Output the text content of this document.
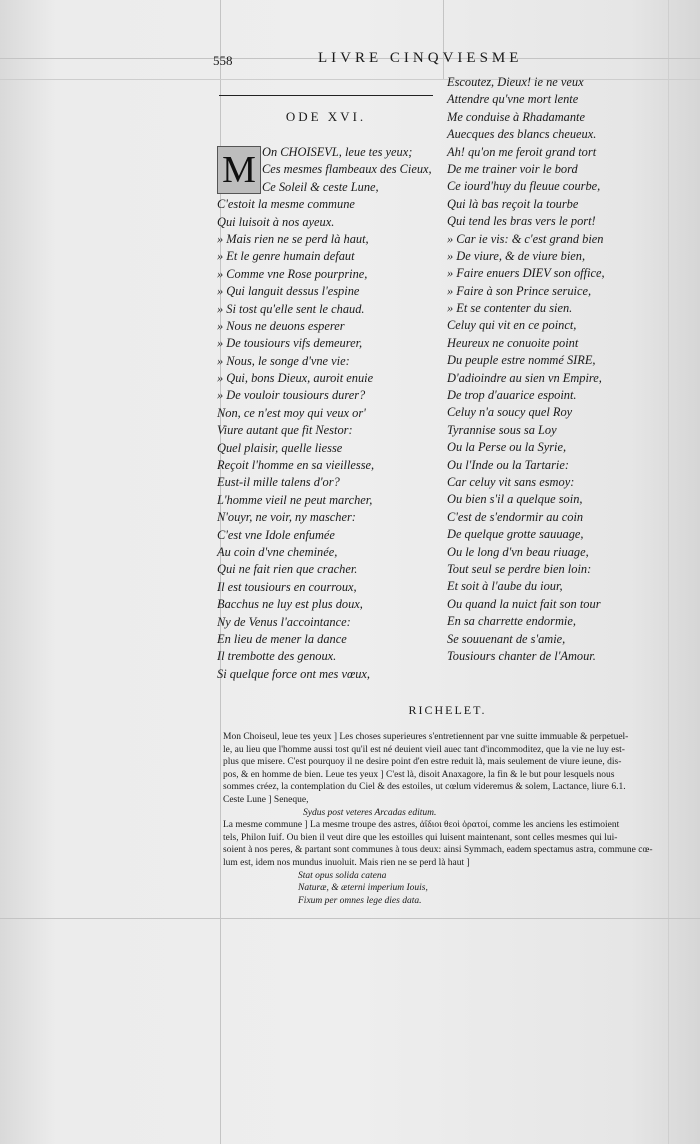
558	LIVRE CINQVIESME
ODE XVI.
M On CHOISEVL, leue tes yeux;
Ces mesmes flambeaux des Cieux,
Ce Soleil & ceste Lune,
C'estoit la mesme commune
Qui luisoit à nos ayeux.
» Mais rien ne se perd là haut,
» Et le genre humain defaut
» Comme vne Rose pourprine,
» Qui languit dessus l'espine
» Si tost qu'elle sent le chaud.
» Nous ne deuons esperer
» De tousiours vifs demeurer,
» Nous, le songe d'vne vie:
» Qui, bons Dieux, auroit enuie
» De vouloir tousiours durer?
Non, ce n'est moy qui veux or'
Viure autant que fit Nestor:
Quel plaisir, quelle liesse
Reçoit l'homme en sa vieillesse,
Eust-il mille talens d'or?
L'homme vieil ne peut marcher,
N'ouyr, ne voir, ny mascher:
C'est vne Idole enfumée
Au coin d'vne cheminée,
Qui ne fait rien que cracher.
Il est tousiours en courroux,
Bacchus ne luy est plus doux,
Ny de Venus l'accointance:
En lieu de mener la dance
Il trembotte des genoux.
Si quelque force ont mes vœux,
Escoutez, Dieux! ie ne veux
Attendre qu'vne mort lente
Me conduise à Rhadamante
Auecques des blancs cheueux.
Ah! qu'on me feroit grand tort
De me trainer voir le bord
Ce iourd'huy du fleuue courbe,
Qui là bas reçoit la tourbe
Qui tend les bras vers le port!
» Car ie vis: & c'est grand bien
» De viure, & de viure bien,
» Faire enuers DIEV son office,
» Faire à son Prince seruice,
» Et se contenter du sien.
Celuy qui vit en ce poinct,
Heureux ne conuoite point
Du peuple estre nommé SIRE,
D'adioindre au sien vn Empire,
De trop d'auarice espoint.
Celuy n'a soucy quel Roy
Tyrannise sous sa Loy
Ou la Perse ou la Syrie,
Ou l'Inde ou la Tartarie:
Car celuy vit sans esmoy:
Ou bien s'il a quelque soin,
C'est de s'endormir au coin
De quelque grotte sauuage,
Ou le long d'vn beau riuage,
Tout seul se perdre bien loin:
Et soit à l'aube du iour,
Ou quand la nuict fait son tour
En sa charrette endormie,
Se souuenant de s'amie,
Tousiours chanter de l'Amour.
RICHELET.
Mon Choiseul, leue tes yeux ] Les choses superieures s'entretiennent par vne suitte immuable & perpetuel-
le, au lieu que l'homme aussi tost qu'il est né deuient vieil auec tant d'incommoditez, que la vie ne luy est-
plus que misere. C'est pourquoy il ne desire point d'en estre reduit là, mais seulement de viure ieune, dis-
pos, & en homme de bien. Leue tes yeux ] C'est là, disoit Anaxagore, la fin & le but pour lesquels nous
sommes créez, la contemplation du Ciel & des estoiles, ut cœlum videremus & solem, Lactance, liure 6.1.
Ceste Lune ] Seneque,
Sydus post veteres Arcadas editum.
La mesme commune ] La mesme troupe des astres, ἀΐδιοι θεοὶ ὁρατοί, comme les anciens les estimoient
tels, Philon Iuif. Ou bien il veut dire que les estoilles qui luisent maintenant, sont celles mesmes qui lui-
soient à nos peres, & partant sont communes à tous deux: ainsi Symmach, eadem spectamus astra, commune cœ-
lum est, idem nos mundus inuoluit. Mais rien ne se perd là haut ]
Stat opus solida catena
Naturæ, & æterni imperium Iouis,
Fixum per omnes lege dies data.
